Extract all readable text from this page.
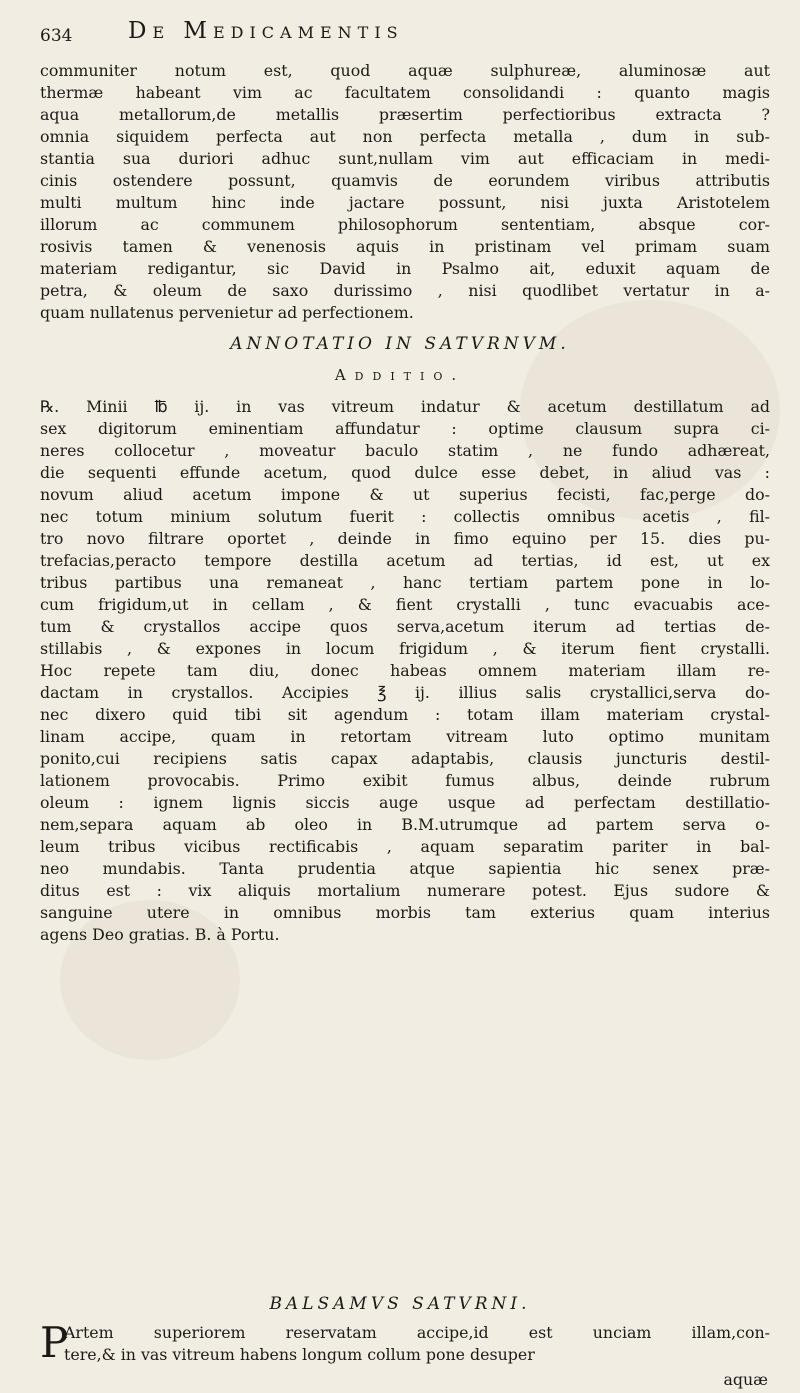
634 De Medicamentis
communiter notum est, quod aquæ sulphureæ, aluminosæ aut
thermæ habeant vim ac facultatem consolidandi : quanto magis
aqua metallorum,de metallis præsertim perfectioribus extracta ?
omnia siquidem perfecta aut non perfecta metalla , dum in sub-
stantia sua duriori adhuc sunt,nullam vim aut efficaciam in medi-
cinis ostendere possunt, quamvis de eorundem viribus attributis
multi multum hinc inde jactare possunt, nisi juxta Aristotelem
illorum ac communem philosophorum sententiam, absque cor-
rosivis tamen & venenosis aquis in pristinam vel primam suam
materiam redigantur, sic David in Psalmo ait, eduxit aquam de
petra, & oleum de saxo durissimo , nisi quodlibet vertatur in a-
quam nullatenus pervenietur ad perfectionem.
ANNOTATIO IN SATVRNVM.
Additio.
℞. Minii ℔ ij. in vas vitreum indatur & acetum destillatum ad
sex digitorum eminentiam affundatur : optime clausum supra ci-
neres collocetur , moveatur baculo statim , ne fundo adhæreat,
die sequenti effunde acetum, quod dulce esse debet, in aliud vas :
novum aliud acetum impone & ut superius fecisti, fac,perge do-
nec totum minium solutum fuerit : collectis omnibus acetis , fil-
tro novo filtrare oportet , deinde in fimo equino per 15. dies pu-
trefacias,peracto tempore destilla acetum ad tertias, id est, ut ex
tribus partibus una remaneat , hanc tertiam partem pone in lo-
cum frigidum,ut in cellam , & fient crystalli , tunc evacuabis ace-
tum & crystallos accipe quos serva,acetum iterum ad tertias de-
stillabis , & expones in locum frigidum , & iterum fient crystalli.
Hoc repete tam diu, donec habeas omnem materiam illam re-
dactam in crystallos. Accipies ℥ ij. illius salis crystallici,serva do-
nec dixero quid tibi sit agendum : totam illam materiam crystal-
linam accipe, quam in retortam vitream luto optimo munitam
ponito,cui recipiens satis capax adaptabis, clausis juncturis destil-
lationem provocabis. Primo exibit fumus albus, deinde rubrum
oleum : ignem lignis siccis auge usque ad perfectam destillatio-
nem,separa aquam ab oleo in B.M.utrumque ad partem serva o-
leum tribus vicibus rectificabis , aquam separatim pariter in bal-
neo mundabis. Tanta prudentia atque sapientia hic senex præ-
ditus est : vix aliquis mortalium numerare potest. Ejus sudore &
sanguine utere in omnibus morbis tam exterius quam interius
agens Deo gratias. B. à Portu.
BALSAMVS SATVRNI.
P
Artem superiorem reservatam accipe,id est unciam illam,con-
tere,& in vas vitreum habens longum collum pone desuper
aquæ
